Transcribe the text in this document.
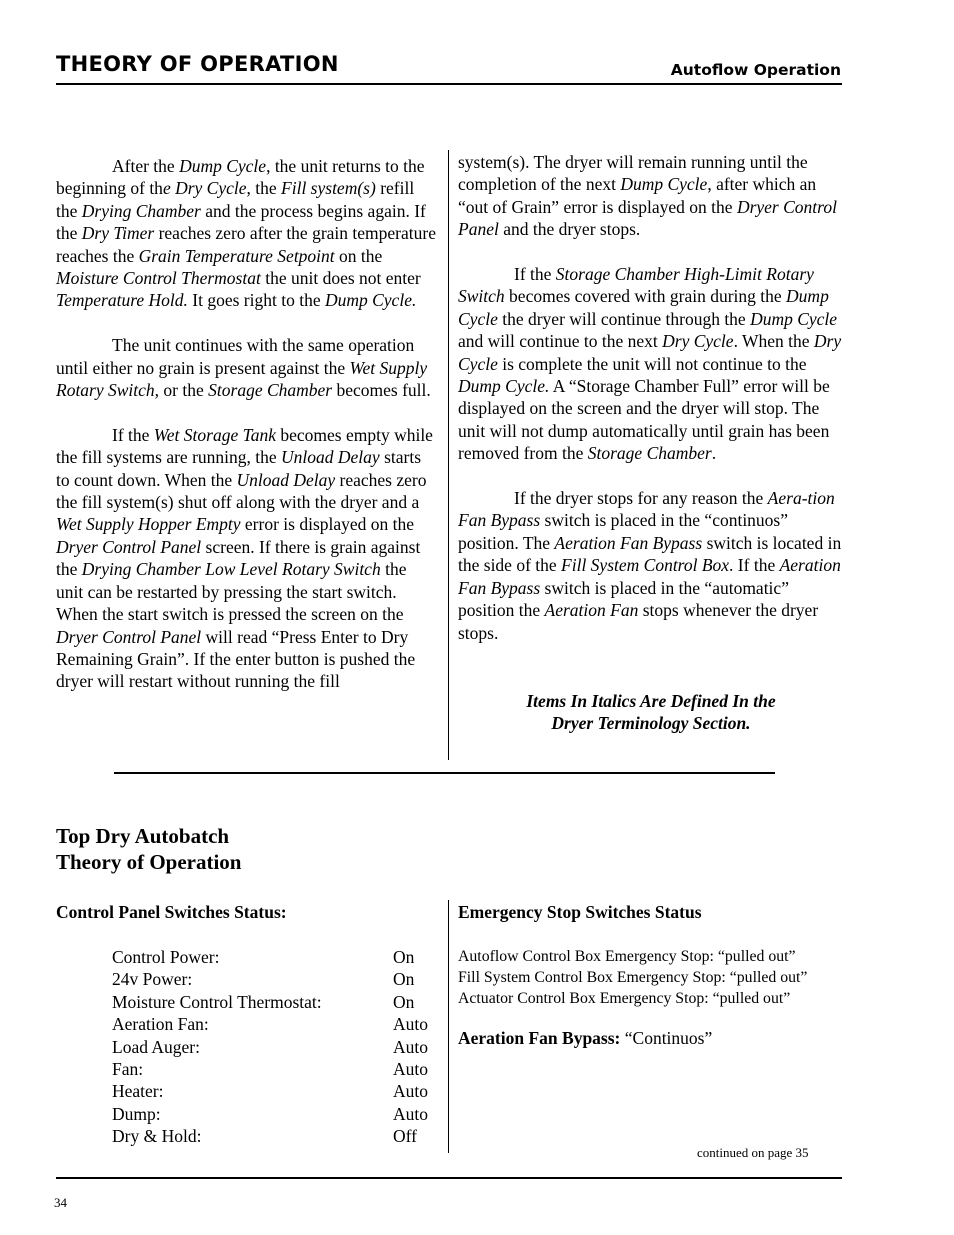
THEORY OF OPERATION	Autoflow Operation

After the Dump Cycle, the unit returns to the beginning of the Dry Cycle, the Fill system(s) refill the Drying Chamber and the process begins again. If the Dry Timer reaches zero after the grain temperature reaches the Grain Temperature Setpoint on the Moisture Control Thermostat the unit does not enter Temperature Hold. It goes right to the Dump Cycle.

The unit continues with the same operation until either no grain is present against the Wet Supply Rotary Switch, or the Storage Chamber becomes full.

If the Wet Storage Tank becomes empty while the fill systems are running, the Unload Delay starts to count down. When the Unload Delay reaches zero the fill system(s) shut off along with the dryer and a Wet Supply Hopper Empty error is displayed on the Dryer Control Panel screen. If there is grain against the Drying Chamber Low Level Rotary Switch the unit can be restarted by pressing the start switch. When the start switch is pressed the screen on the Dryer Control Panel will read “Press Enter to Dry Remaining Grain”. If the enter button is pushed the dryer will restart without running the fill

system(s). The dryer will remain running until the completion of the next Dump Cycle, after which an “out of Grain” error is displayed on the Dryer Control Panel and the dryer stops.

If the Storage Chamber High-Limit Rotary Switch becomes covered with grain during the Dump Cycle the dryer will continue through the Dump Cycle and will continue to the next Dry Cycle. When the Dry Cycle is complete the unit will not continue to the Dump Cycle. A “Storage Chamber Full” error will be displayed on the screen and the dryer will stop. The unit will not dump automatically until grain has been removed from the Storage Chamber.

If the dryer stops for any reason the Aera-tion Fan Bypass switch is placed in the “continuos” position. The Aeration Fan Bypass switch is located in the side of the Fill System Control Box. If the Aeration Fan Bypass switch is placed in the “automatic” position the Aeration Fan stops whenever the dryer stops.

Items In Italics Are Defined In the
Dryer Terminology Section.
Top Dry Autobatch
Theory of Operation
Control Panel Switches Status:
Control Power:	On
24v Power:	On
Moisture Control Thermostat:	On
Aeration Fan:	Auto
Load Auger:	Auto
Fan:	Auto
Heater:	Auto
Dump:	Auto
Dry & Hold:	Off
Emergency Stop Switches Status
Autoflow Control Box Emergency Stop: “pulled out”
Fill System Control Box Emergency Stop: “pulled out”
Actuator Control Box Emergency Stop: “pulled out”
Aeration Fan Bypass: “Continuos”
continued on page 35
34
